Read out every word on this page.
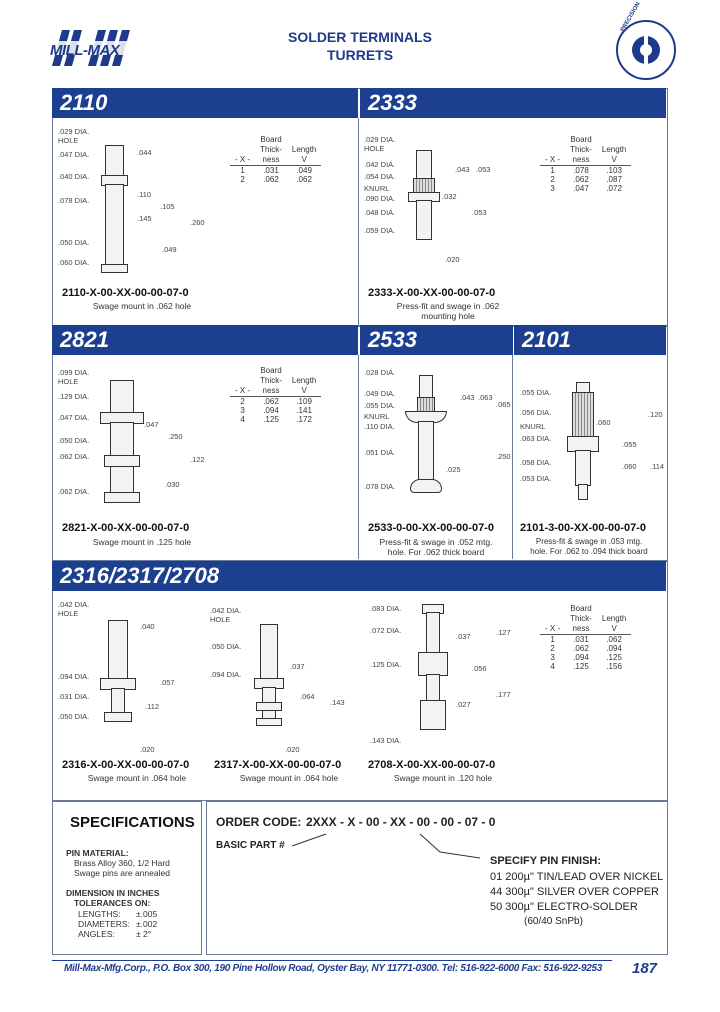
MILL-MAX
SOLDER TERMINALS
TURRETS
PRECISION
2110	2333
.029 DIA.
HOLE
.047 DIA.
.040 DIA.
.078 DIA.
.050 DIA.
.060 DIA.
.044
.110
.145
.105
.260
.049
- X -	Board
Thick-
ness	Length
V
1	.031	.049
2	.062	.062
2110-X-00-XX-00-00-07-0
Swage mount in .062 hole
.029 DIA.
HOLE
.042 DIA.
.054 DIA.
KNURL
.090 DIA.
.048 DIA.
.059 DIA.
.043 .053
.032
.053
.020
- X -	Board
Thick-
ness	Length
V
1	.078	.103
2	.062	.087
3	.047	.072
2333-X-00-XX-00-00-07-0
Press-fit and swage in .062
mounting hole
2821	2533	2101
.099 DIA.
HOLE
.129 DIA.
.047 DIA.
.050 DIA.
.062 DIA.
.062 DIA.
.047
.250
.122
.030
- X -	Board
Thick-
ness	Length
V
2	.062	.109
3	.094	.141
4	.125	.172
2821-X-00-XX-00-00-07-0
Swage mount in .125 hole
.028 DIA.
.049 DIA.
.055 DIA.
KNURL
.110 DIA.
.051 DIA.
.078 DIA.
.043 .063
.065
.250
.025
2533-0-00-XX-00-00-07-0
Press-fit & swage in .052 mtg.
hole. For .062 thick board
.055 DIA.
.056 DIA.
KNURL
.063 DIA.
.058 DIA.
.053 DIA.
.060
.120
.055
.060 .114
2101-3-00-XX-00-00-07-0
Press-fit & swage in .053 mtg.
hole. For .062 to .094 thick board
2316/2317/2708
.042 DIA.
HOLE
.094 DIA.
.031 DIA.
.050 DIA.
.040
.057
.112
.020
2316-X-00-XX-00-00-07-0
Swage mount in .064 hole
.042 DIA.
HOLE
.050 DIA.
.094 DIA.
.037
.064
.143
.020
2317-X-00-XX-00-00-07-0
Swage mount in .064 hole
.083 DIA.
.072 DIA.
.125 DIA.
.143 DIA.
.037	.127
.056
.027
.177
- X -	Board
Thick-
ness	Length
V
1	.031	.062
2	.062	.094
3	.094	.125
4	.125	.156
2708-X-00-XX-00-00-07-0
Swage mount in .120 hole
SPECIFICATIONS
PIN MATERIAL:
Brass Alloy 360, 1/2 Hard
Swage pins are annealed
DIMENSION IN INCHES
TOLERANCES ON:
LENGTHS: ±.005
DIAMETERS: ±.002
ANGLES: ± 2°
ORDER CODE: 2XXX - X - 00 - XX - 00 - 00 - 07 - 0
BASIC PART #
SPECIFY PIN FINISH:
01 200µ" TIN/LEAD OVER NICKEL
44 300µ" SILVER OVER COPPER
50 300µ" ELECTRO-SOLDER
(60/40 SnPb)
Mill-Max-Mfg.Corp., P.O. Box 300, 190 Pine Hollow Road, Oyster Bay, NY 11771-0300. Tel: 516-922-6000 Fax: 516-922-9253 187
